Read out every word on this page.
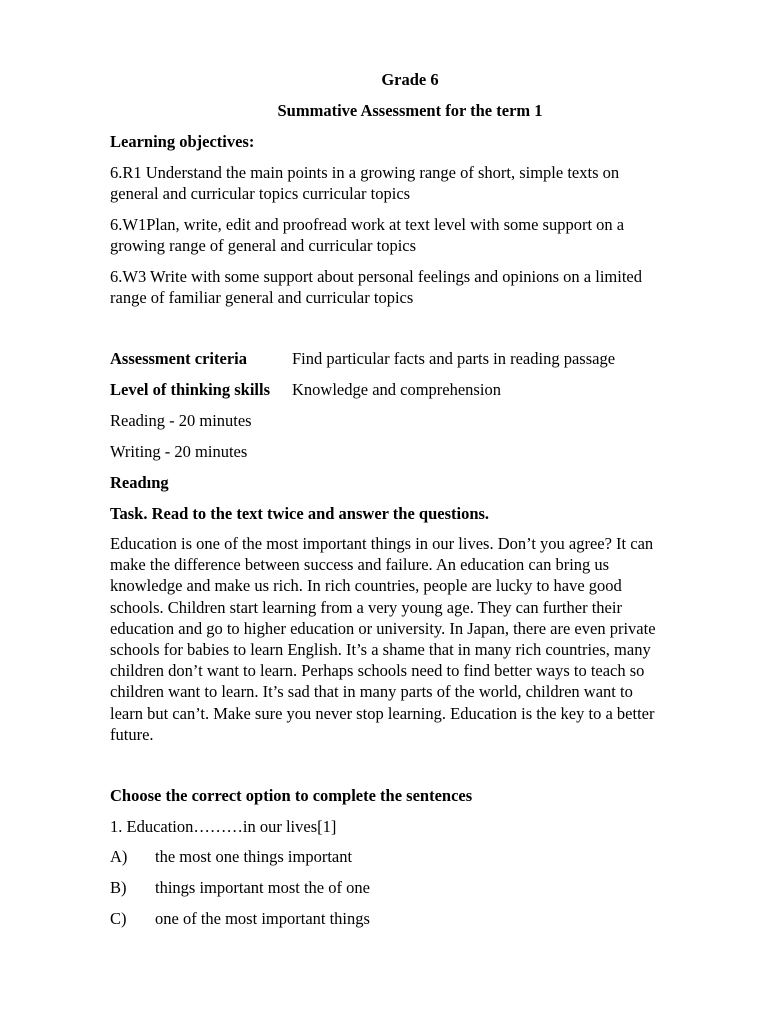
Grade 6
Summative Assessment for the term 1
Learning objectives:
6.R1 Understand the main points in a growing range of short, simple texts on
general and curricular topics curricular topics
6.W1Plan, write, edit and proofread work at text level with some support on a
growing range of general and curricular topics
6.W3 Write with some support about personal feelings and opinions on a limited
range of familiar general and curricular topics
Assessment criteria	Find particular facts and parts in reading passage
Level of thinking skills Knowledge and comprehension
Reading - 20 minutes
Writing - 20 minutes
Readıng
Task. Read to the text twice and answer the questions.
Education is one of the most important things in our lives. Don’t you agree? It can
make the difference between success and failure. An education can bring us
knowledge and make us rich. In rich countries, people are lucky to have good
schools. Children start learning from a very young age. They can further their
education and go to higher education or university. In Japan, there are even private
schools for babies to learn English. It’s a shame that in many rich countries, many
children don’t want to learn. Perhaps schools need to find better ways to teach so
children want to learn. It’s sad that in many parts of the world, children want to
learn but can’t. Make sure you never stop learning. Education is the key to a better
future.
Choose the correct option to complete the sentences
1. Education………in our lives[1]
A) the most one things important
B) things important most the of one
C) one of the most important things
